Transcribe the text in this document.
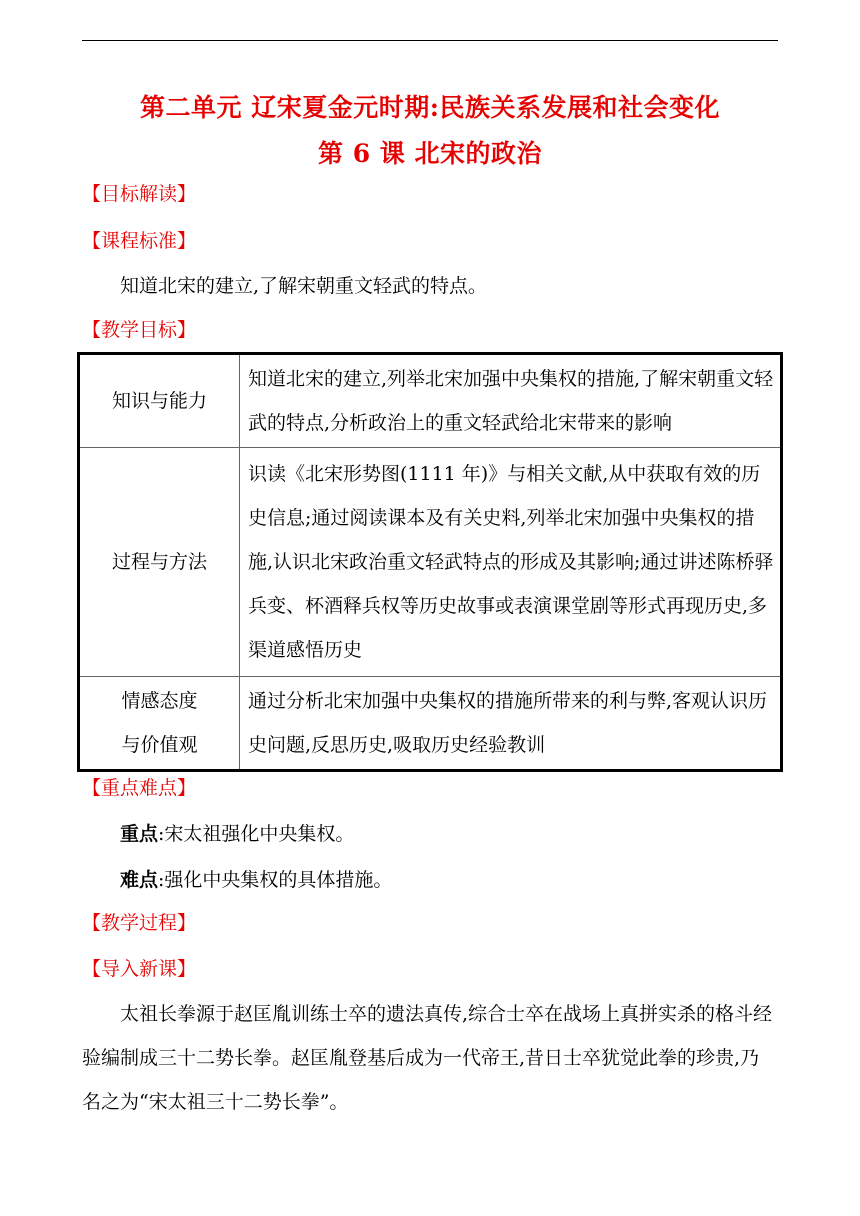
第二单元 辽宋夏金元时期:民族关系发展和社会变化
第 6 课 北宋的政治
【目标解读】
【课程标准】
知道北宋的建立,了解宋朝重文轻武的特点。
【教学目标】
知识与能力	知道北宋的建立,列举北宋加强中央集权的措施,了解宋朝重文轻武的特点,分析政治上的重文轻武给北宋带来的影响
过程与方法	识读《北宋形势图(1111 年)》与相关文献,从中获取有效的历史信息;通过阅读课本及有关史料,列举北宋加强中央集权的措施,认识北宋政治重文轻武特点的形成及其影响;通过讲述陈桥驿兵变、杯酒释兵权等历史故事或表演课堂剧等形式再现历史,多渠道感悟历史

情感态度
与价值观	通过分析北宋加强中央集权的措施所带来的利与弊,客观认识历史问题,反思历史,吸取历史经验教训
【重点难点】
重点:宋太祖强化中央集权。
难点:强化中央集权的具体措施。
【教学过程】
【导入新课】
太祖长拳源于赵匡胤训练士卒的遗法真传,综合士卒在战场上真拼实杀的格斗经验编制成三十二势长拳。赵匡胤登基后成为一代帝王,昔日士卒犹觉此拳的珍贵,乃名之为“宋太祖三十二势长拳”。
